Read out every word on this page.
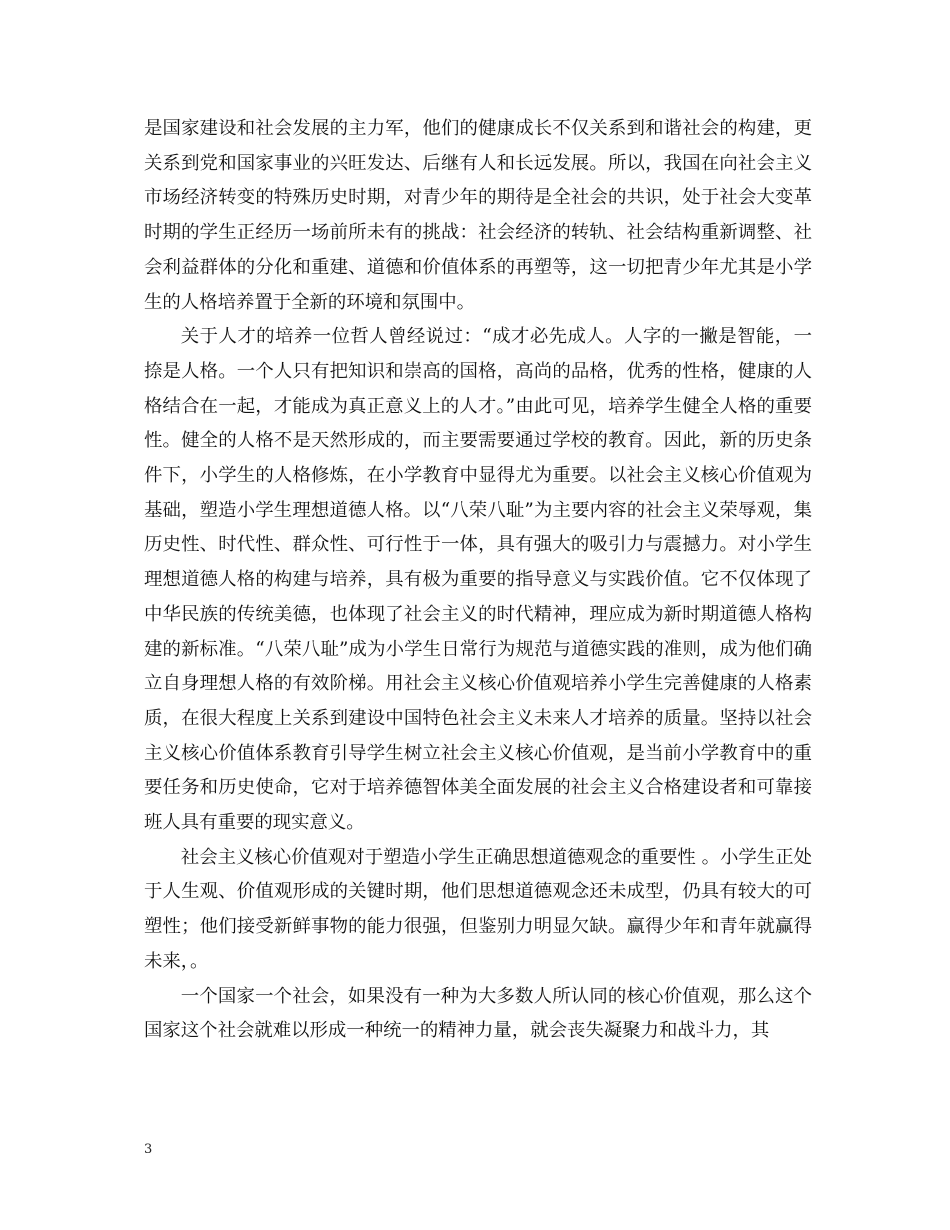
是国家建设和社会发展的主力军，他们的健康成长不仅关系到和谐社会的构建，更关系到党和国家事业的兴旺发达、后继有人和长远发展。所以，我国在向社会主义市场经济转变的特殊历史时期，对青少年的期待是全社会的共识，处于社会大变革时期的学生正经历一场前所未有的挑战：社会经济的转轨、社会结构重新调整、社会利益群体的分化和重建、道德和价值体系的再塑等，这一切把青少年尤其是小学生的人格培养置于全新的环境和氛围中。

关于人才的培养一位哲人曾经说过：“成才必先成人。人字的一撇是智能，一捺是人格。一个人只有把知识和崇高的国格，高尚的品格，优秀的性格，健康的人格结合在一起，才能成为真正意义上的人才。”由此可见，培养学生健全人格的重要性。健全的人格不是天然形成的，而主要需要通过学校的教育。因此，新的历史条件下，小学生的人格修炼，在小学教育中显得尤为重要。以社会主义核心价值观为基础，塑造小学生理想道德人格。以“八荣八耻”为主要内容的社会主义荣辱观，集历史性、时代性、群众性、可行性于一体，具有强大的吸引力与震撼力。对小学生理想道德人格的构建与培养，具有极为重要的指导意义与实践价值。它不仅体现了中华民族的传统美德，也体现了社会主义的时代精神，理应成为新时期道德人格构建的新标准。“八荣八耻”成为小学生日常行为规范与道德实践的准则，成为他们确立自身理想人格的有效阶梯。用社会主义核心价值观培养小学生完善健康的人格素质，在很大程度上关系到建设中国特色社会主义未来人才培养的质量。坚持以社会主义核心价值体系教育引导学生树立社会主义核心价值观，是当前小学教育中的重要任务和历史使命，它对于培养德智体美全面发展的社会主义合格建设者和可靠接班人具有重要的现实意义。

社会主义核心价值观对于塑造小学生正确思想道德观念的重要性 。小学生正处于人生观、价值观形成的关键时期，他们思想道德观念还未成型，仍具有较大的可塑性；他们接受新鲜事物的能力很强，但鉴别力明显欠缺。赢得少年和青年就赢得未来，。

一个国家一个社会，如果没有一种为大多数人所认同的核心价值观，那么这个国家这个社会就难以形成一种统一的精神力量，就会丧失凝聚力和战斗力，其

3
